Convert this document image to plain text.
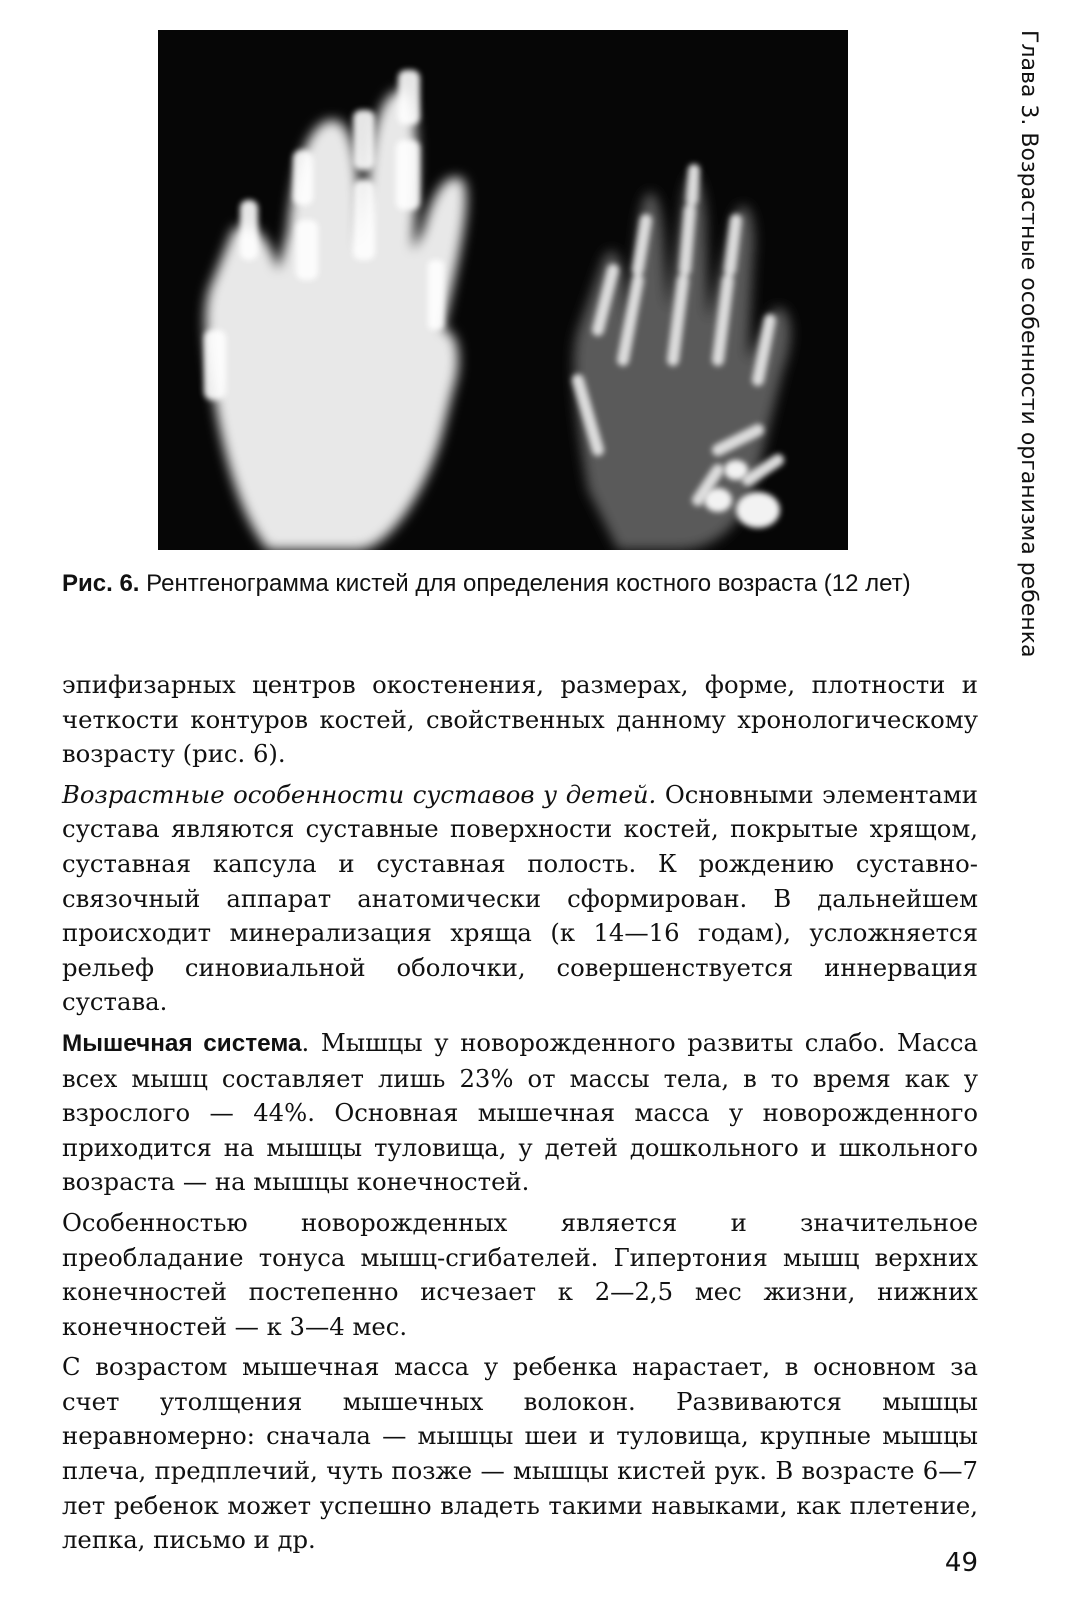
Глава 3. Возрастные особенности организма ребенка
Рис. 6. Рентгенограмма кистей для определения костного возраста (12 лет)

эпифизарных центров окостенения, размерах, форме, плотности и четкости контуров костей, свойственных данному хронологическому возрасту (рис. 6).

Возрастные особенности суставов у детей. Основными элементами сустава являются суставные поверхности костей, покрытые хрящом, суставная капсула и суставная полость. К рождению суставно-связочный аппарат анатомически сформирован. В дальнейшем происходит минерализация хряща (к 14—16 годам), усложняется рельеф синовиальной оболочки, совершенствуется иннервация сустава.

Мышечная система. Мышцы у новорожденного развиты слабо. Масса всех мышц составляет лишь 23% от массы тела, в то время как у взрослого — 44%. Основная мышечная масса у новорожденного приходится на мышцы туловища, у детей дошкольного и школьного возраста — на мышцы конечностей.

Особенностью новорожденных является и значительное преобладание тонуса мышц-сгибателей. Гипертония мышц верхних конечностей постепенно исчезает к 2—2,5 мес жизни, нижних конечностей — к 3—4 мес.

С возрастом мышечная масса у ребенка нарастает, в основном за счет утолщения мышечных волокон. Развиваются мышцы неравномерно: сначала — мышцы шеи и туловища, крупные мышцы плеча, предплечий, чуть позже — мышцы кистей рук. В возрасте 6—7 лет ребенок может успешно владеть такими навыками, как плетение, лепка, письмо и др.

49
